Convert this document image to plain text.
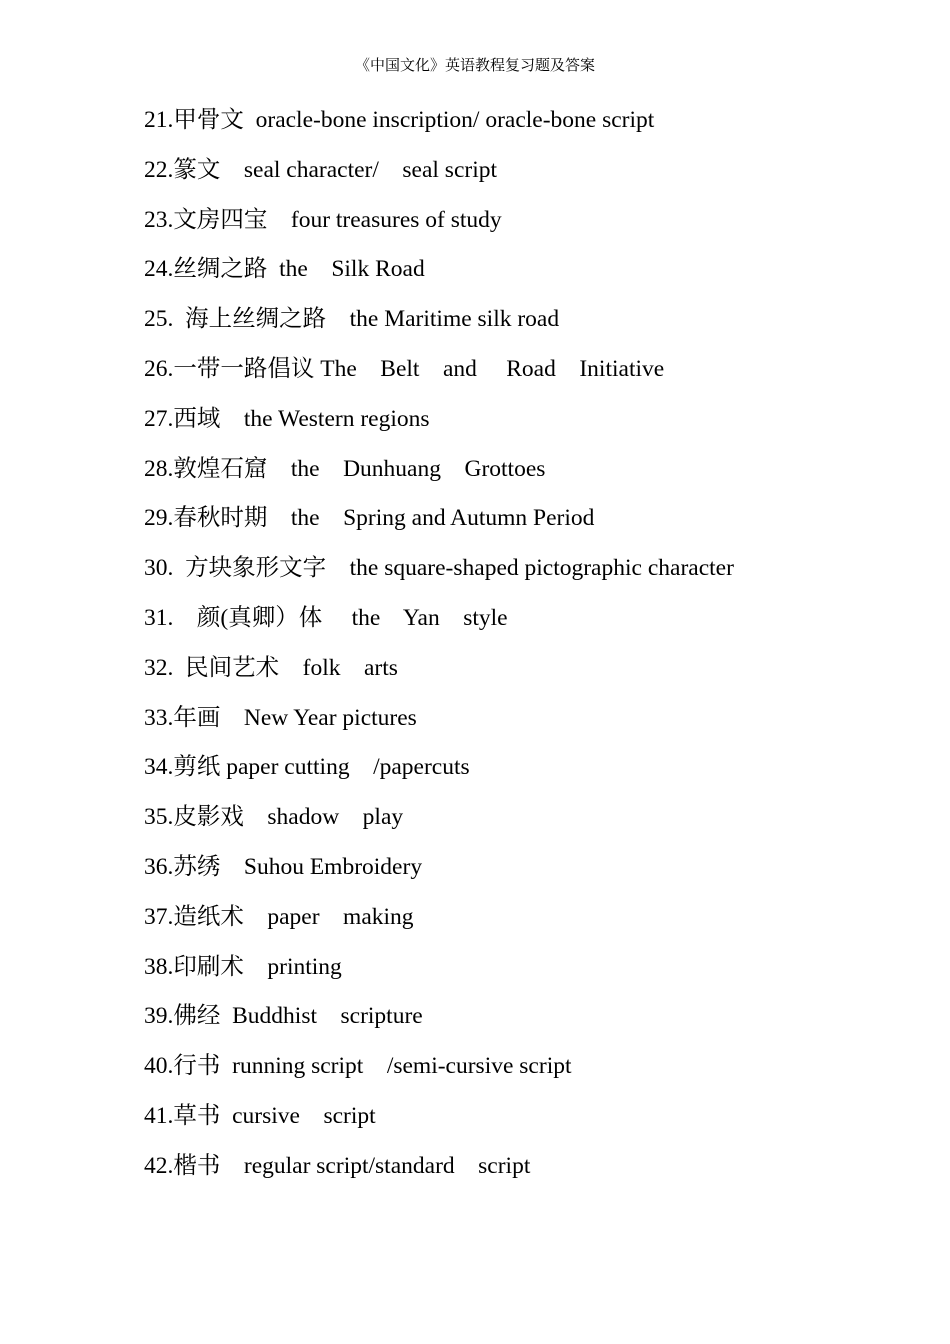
《中国文化》英语教程复习题及答案
21.甲骨文  oracle-bone inscription/ oracle-bone script
22.篆文    seal character/    seal script
23.文房四宝    four treasures of study
24.丝绸之路  the    Silk Road
25.  海上丝绸之路    the Maritime silk road
26.一带一路倡议 The    Belt    and     Road    Initiative
27.西域    the Western regions
28.敦煌石窟    the    Dunhuang    Grottoes
29.春秋时期    the    Spring and Autumn Period
30.  方块象形文字    the square-shaped pictographic character
31.    颜(真卿）体     the    Yan    style
32.  民间艺术    folk    arts
33.年画    New Year pictures
34.剪纸 paper cutting    /papercuts
35.皮影戏    shadow    play
36.苏绣    Suhou Embroidery
37.造纸术    paper    making
38.印刷术    printing
39.佛经  Buddhist    scripture
40.行书  running script    /semi-cursive script
41.草书  cursive    script
42.楷书    regular script/standard    script
